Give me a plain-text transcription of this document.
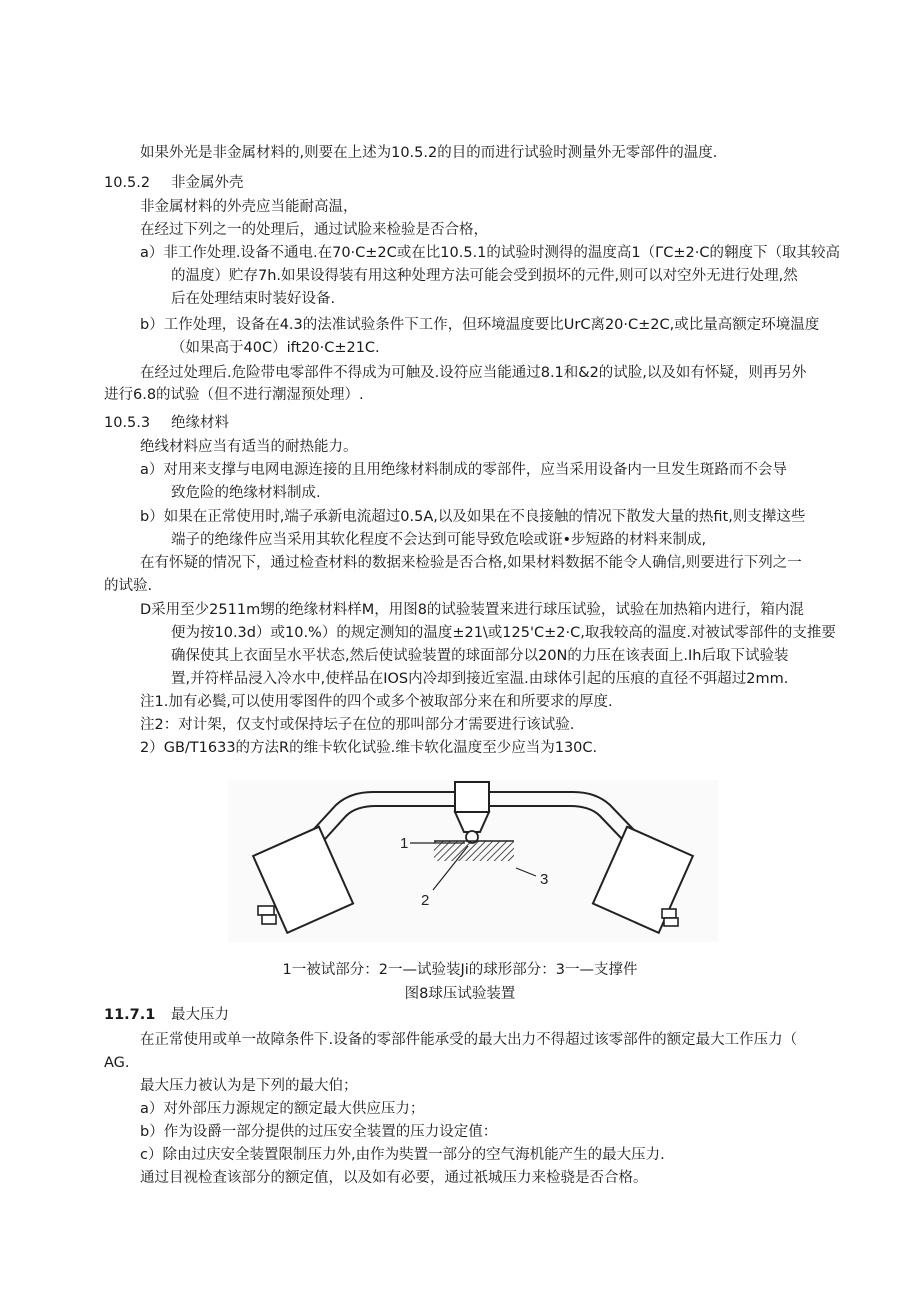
如果外光是非金属材料的,则要在上述为10.5.2的目的而进行试验时测量外无零部件的温度.
10.5.2 非金属外壳
非金属材料的外壳应当能耐高温，
在经过下列之一的处理后，通过试脸来检验是否合格，
a）非工作处理.设备不通电.在70·C±2C或在比10.5.1的试验时测得的温度高1（ΓC±2·C的翱度下（取其较高
的温度）贮存7h.如果设得装有用这种处理方法可能会受到损坏的元件,则可以对空外无进行处理,然
后在处理结束时装好设备.
b）工作处理，设备在4.3的法准试验条件下工作，但环境温度要比UrC离20·C±2C,或比量高额定环境温度
（如果高于40C）ift20·C±21C.
在经过处理后.危险带电零部件不得成为可触及.设符应当能通过8.1和&2的试脸,以及如有怀疑，则再另外
进行6.8的试验（但不进行潮湿预处理）.
10.5.3 绝缘材料
绝线材料应当有适当的耐热能力。
a）对用来支撑与电网电源连接的且用绝缘材料制成的零部件，应当采用设备内一旦发生斑路而不会导
致危险的绝缘材料制成.
b）如果在正常使用时,端子承新电流超过0.5A,以及如果在不良接触的情况下散发大量的热fit,则支撵这些
端子的绝缘件应当采用其软化程度不会达到可能导致危哙或诳•步短路的材料来制成,
在有怀疑的情况下，通过检查材料的数据来检验是否合格,如果材料数据不能令人确信,则要进行下列之一
的试验.
D采用至少2511m甥的绝缘材料样M，用图8的试验装置来进行球压试验，试验在加热箱内进行，箱内混
便为按10.3d）或10.%）的规定测知的温度±21\或125'C±2·C,取我较高的温度.对被试零部件的支推要
确保使其上衣面呈水平状态,然后使试验装置的球面部分以20N的力压在该表面上.Ih后取下试验装
置,并符样品浸入冷水中,使样品在IOS内冷却到接近室温.由球体引起的压痕的直径不弭超过2mm.
注1.加有必鬓,可以使用零图件的四个或多个被取部分来在和所要求的厚度.
注2：对计架，仅支忖或保持坛子在位的那叫部分才需要进行该试验.
2）GB/T1633的方法R的维卡软化试验.维卡软化温度至少应当为130C.
1
2
3
1一被试部分：2一—试验装Ji的球形部分：3一—支撑件
图8球压试验装置
11.7.1 最大压力
在正常使用或单一故障条件下.设备的零部件能承受的最大出力不得超过该零部件的额定最大工作压力（
AG.
最大压力被认为是下列的最大伯；
a）对外部压力源规定的额定最大供应压力；
b）作为设爵一部分提供的过压安全装置的压力设定值：
c）除由过庆安全装置限制压力外,由作为奘置一部分的空气海机能产生的最大压力.
通过目视检査该部分的额定值，以及如有必要，通过祇城压力来检骁是否合格。
